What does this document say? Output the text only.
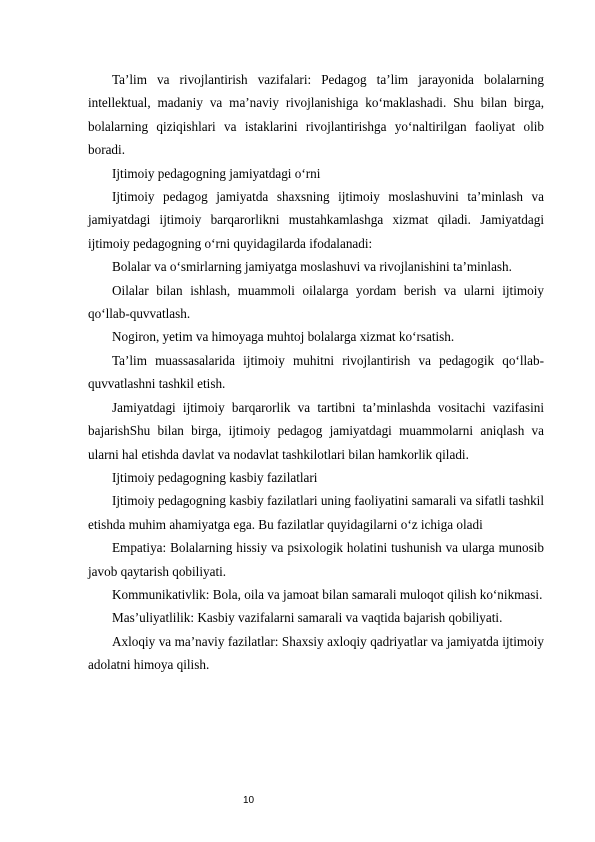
Ta’lim va rivojlantirish vazifalari: Pedagog ta’lim jarayonida bolalarning intellektual, madaniy va ma’naviy rivojlanishiga ko‘maklashadi. Shu bilan birga, bolalarning qiziqishlari va istaklarini rivojlantirishga yo‘naltirilgan faoliyat olib boradi.

Ijtimoiy pedagogning jamiyatdagi o‘rni

Ijtimoiy pedagog jamiyatda shaxsning ijtimoiy moslashuvini ta’minlash va jamiyatdagi ijtimoiy barqarorlikni mustahkamlashga xizmat qiladi. Jamiyatdagi ijtimoiy pedagogning o‘rni quyidagilarda ifodalanadi:

Bolalar va o‘smirlarning jamiyatga moslashuvi va rivojlanishini ta’minlash.

Oilalar bilan ishlash, muammoli oilalarga yordam berish va ularni ijtimoiy qo‘llab-quvvatlash.

Nogiron, yetim va himoyaga muhtoj bolalarga xizmat ko‘rsatish.

Ta’lim muassasalarida ijtimoiy muhitni rivojlantirish va pedagogik qo‘llab-quvvatlashni tashkil etish.

Jamiyatdagi ijtimoiy barqarorlik va tartibni ta’minlashda vositachi vazifasini bajarishShu bilan birga, ijtimoiy pedagog jamiyatdagi muammolarni aniqlash va ularni hal etishda davlat va nodavlat tashkilotlari bilan hamkorlik qiladi.

Ijtimoiy pedagogning kasbiy fazilatlari

Ijtimoiy pedagogning kasbiy fazilatlari uning faoliyatini samarali va sifatli tashkil etishda muhim ahamiyatga ega. Bu fazilatlar quyidagilarni o‘z ichiga oladi

Empatiya: Bolalarning hissiy va psixologik holatini tushunish va ularga munosib javob qaytarish qobiliyati.

Kommunikativlik: Bola, oila va jamoat bilan samarali muloqot qilish ko‘nikmasi.

Mas’uliyatlilik: Kasbiy vazifalarni samarali va vaqtida bajarish qobiliyati.

Axloqiy va ma’naviy fazilatlar: Shaxsiy axloqiy qadriyatlar va jamiyatda ijtimoiy adolatni himoya qilish.

10
